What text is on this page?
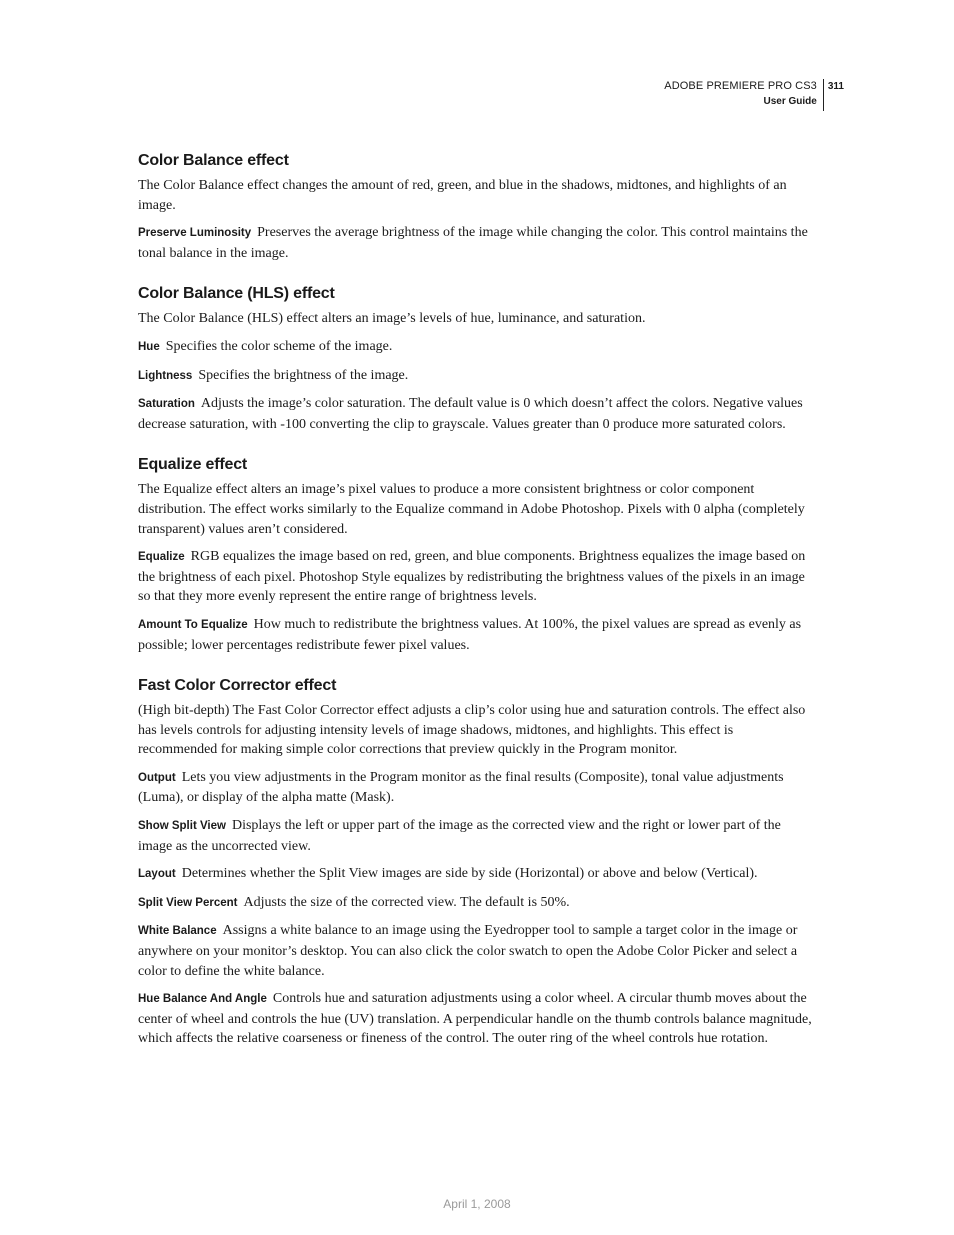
ADOBE PREMIERE PRO CS3
User Guide
311
Color Balance effect

The Color Balance effect changes the amount of red, green, and blue in the shadows, midtones, and highlights of an image.

Preserve Luminosity Preserves the average brightness of the image while changing the color. This control maintains the tonal balance in the image.

Color Balance (HLS) effect

The Color Balance (HLS) effect alters an image’s levels of hue, luminance, and saturation.

Hue Specifies the color scheme of the image.

Lightness Specifies the brightness of the image.

Saturation Adjusts the image’s color saturation. The default value is 0 which doesn’t affect the colors. Negative values decrease saturation, with -100 converting the clip to grayscale. Values greater than 0 produce more saturated colors.

Equalize effect

The Equalize effect alters an image’s pixel values to produce a more consistent brightness or color component distribution. The effect works similarly to the Equalize command in Adobe Photoshop. Pixels with 0 alpha (completely transparent) values aren’t considered.

Equalize RGB equalizes the image based on red, green, and blue components. Brightness equalizes the image based on the brightness of each pixel. Photoshop Style equalizes by redistributing the brightness values of the pixels in an image so that they more evenly represent the entire range of brightness levels.

Amount To Equalize How much to redistribute the brightness values. At 100%, the pixel values are spread as evenly as possible; lower percentages redistribute fewer pixel values.

Fast Color Corrector effect

(High bit-depth) The Fast Color Corrector effect adjusts a clip’s color using hue and saturation controls. The effect also has levels controls for adjusting intensity levels of image shadows, midtones, and highlights. This effect is recommended for making simple color corrections that preview quickly in the Program monitor.

Output Lets you view adjustments in the Program monitor as the final results (Composite), tonal value adjustments (Luma), or display of the alpha matte (Mask).

Show Split View Displays the left or upper part of the image as the corrected view and the right or lower part of the image as the uncorrected view.

Layout Determines whether the Split View images are side by side (Horizontal) or above and below (Vertical).

Split View Percent Adjusts the size of the corrected view. The default is 50%.

White Balance Assigns a white balance to an image using the Eyedropper tool to sample a target color in the image or anywhere on your monitor’s desktop. You can also click the color swatch to open the Adobe Color Picker and select a color to define the white balance.

Hue Balance And Angle Controls hue and saturation adjustments using a color wheel. A circular thumb moves about the center of wheel and controls the hue (UV) translation. A perpendicular handle on the thumb controls balance magnitude, which affects the relative coarseness or fineness of the control. The outer ring of the wheel controls hue rotation.

April 1, 2008
